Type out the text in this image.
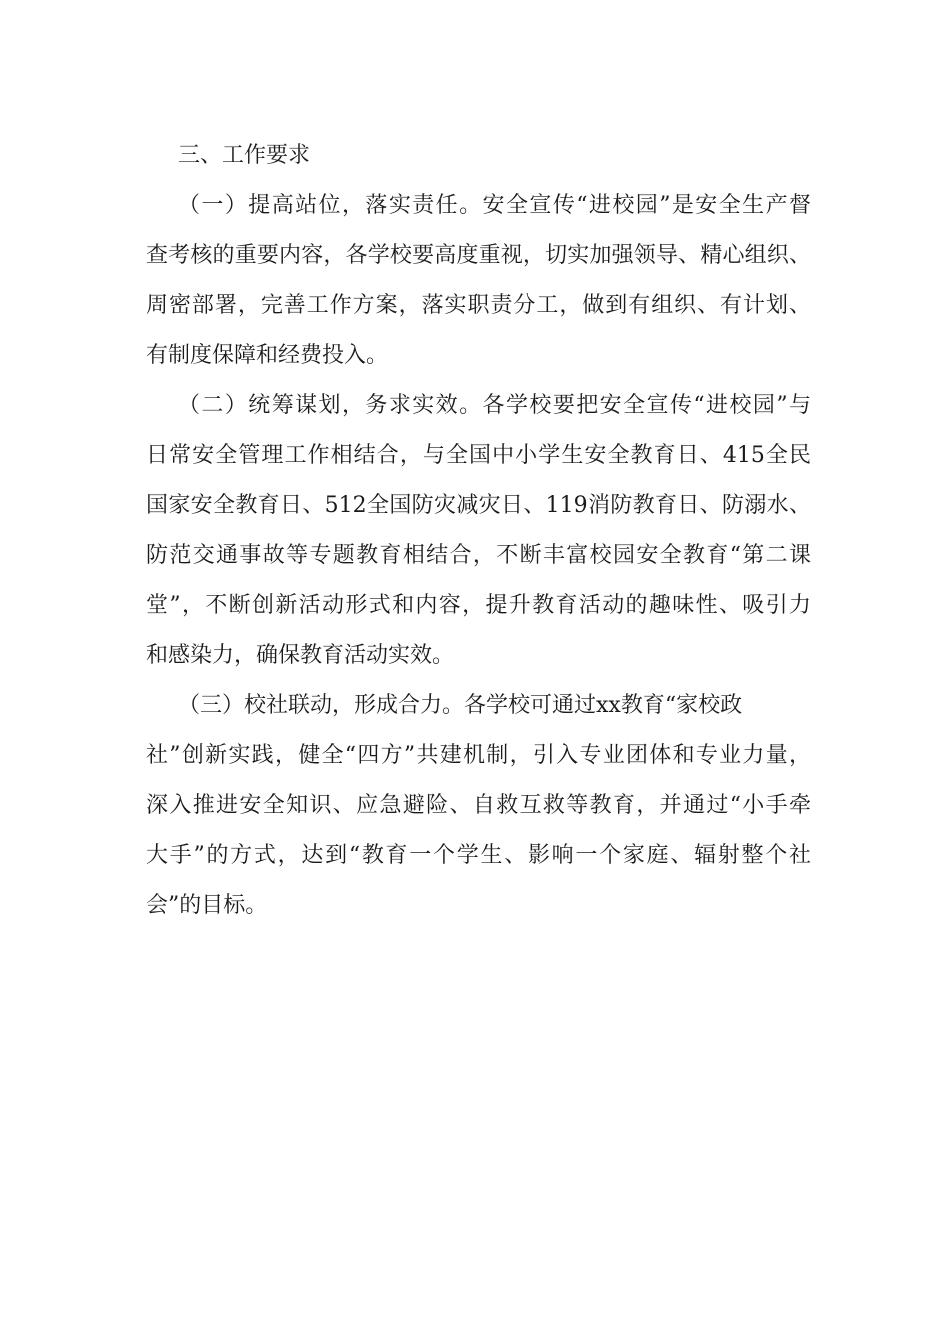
三、工作要求

（一）提高站位，落实责任。安全宣传“进校园”是安全生产督
查考核的重要内容，各学校要高度重视，切实加强领导、精心组织、
周密部署，完善工作方案，落实职责分工，做到有组织、有计划、
有制度保障和经费投入。

（二）统筹谋划，务求实效。各学校要把安全宣传“进校园”与
日常安全管理工作相结合，与全国中小学生安全教育日、415全民
国家安全教育日、512全国防灾减灾日、119消防教育日、防溺水、
防范交通事故等专题教育相结合，不断丰富校园安全教育“第二课
堂”，不断创新活动形式和内容，提升教育活动的趣味性、吸引力
和感染力，确保教育活动实效。

（三）校社联动，形成合力。各学校可通过xx教育“家校政
社”创新实践，健全“四方”共建机制，引入专业团体和专业力量，
深入推进安全知识、应急避险、自救互救等教育，并通过“小手牵
大手”的方式，达到“教育一个学生、影响一个家庭、辐射整个社
会”的目标。
